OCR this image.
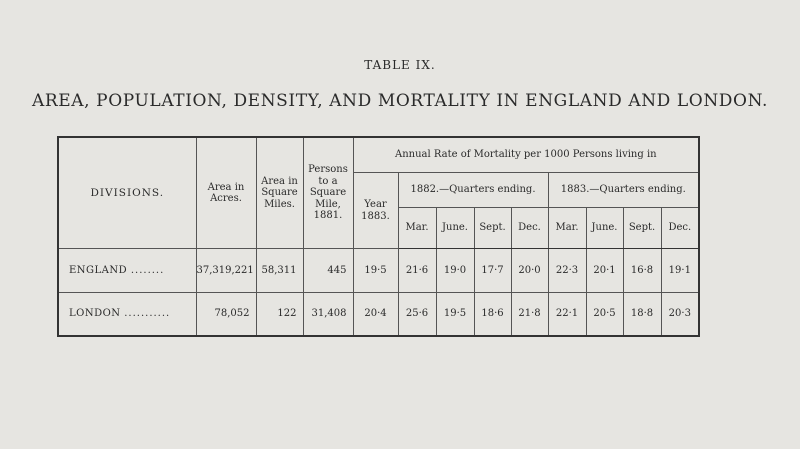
TABLE IX.
AREA, POPULATION, DENSITY, AND MORTALITY IN ENGLAND AND LONDON.
DIVISIONS.	Area in Acres.	Area in Square Miles.	Persons to a Square Mile, 1881.	Annual Rate of Mortality per 1000 Persons living in								
				Year 1883.	1882.—Quarters ending.				1883.—Quarters ending.			
					Mar.	June.	Sept.	Dec.	Mar.	June.	Sept.	Dec.
ENGLAND ........	37,319,221	58,311	445	19·5	21·6	19·0	17·7	20·0	22·3	20·1	16·8	19·1
LONDON ...........	78,052	122	31,408	20·4	25·6	19·5	18·6	21·8	22·1	20·5	18·8	20·3
